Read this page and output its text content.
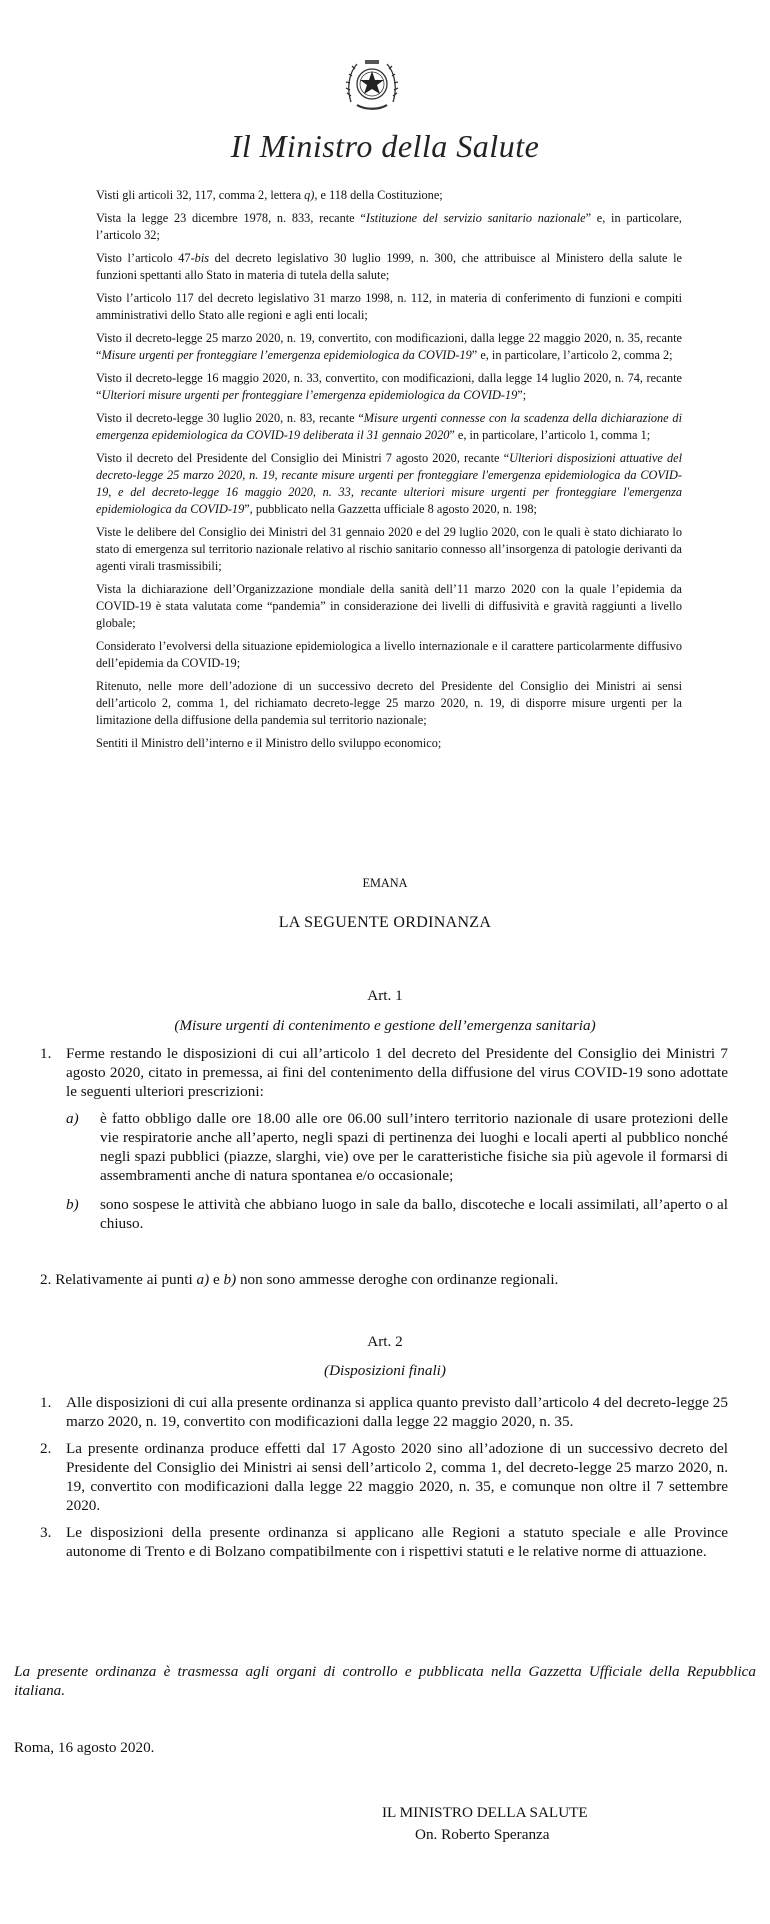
Il Ministro della Salute

Visti gli articoli 32, 117, comma 2, lettera q), e 118 della Costituzione;

Vista la legge 23 dicembre 1978, n. 833, recante “Istituzione del servizio sanitario nazionale” e, in particolare, l’articolo 32;

Visto l’articolo 47-bis del decreto legislativo 30 luglio 1999, n. 300, che attribuisce al Ministero della salute le funzioni spettanti allo Stato in materia di tutela della salute;

Visto l’articolo 117 del decreto legislativo 31 marzo 1998, n. 112, in materia di conferimento di funzioni e compiti amministrativi dello Stato alle regioni e agli enti locali;

Visto il decreto-legge 25 marzo 2020, n. 19, convertito, con modificazioni, dalla legge 22 maggio 2020, n. 35, recante “Misure urgenti per fronteggiare l’emergenza epidemiologica da COVID-19” e, in particolare, l’articolo 2, comma 2;

Visto il decreto-legge 16 maggio 2020, n. 33, convertito, con modificazioni, dalla legge 14 luglio 2020, n. 74, recante “Ulteriori misure urgenti per fronteggiare l’emergenza epidemiologica da COVID-19”;

Visto il decreto-legge 30 luglio 2020, n. 83, recante “Misure urgenti connesse con la scadenza della dichiarazione di emergenza epidemiologica da COVID-19 deliberata il 31 gennaio 2020” e, in particolare, l’articolo 1, comma 1;

Visto il decreto del Presidente del Consiglio dei Ministri 7 agosto 2020, recante “Ulteriori disposizioni attuative del decreto-legge 25 marzo 2020, n. 19, recante misure urgenti per fronteggiare l'emergenza epidemiologica da COVID-19, e del decreto-legge 16 maggio 2020, n. 33, recante ulteriori misure urgenti per fronteggiare l'emergenza epidemiologica da COVID-19”, pubblicato nella Gazzetta ufficiale 8 agosto 2020, n. 198;

Viste le delibere del Consiglio dei Ministri del 31 gennaio 2020 e del 29 luglio 2020, con le quali è stato dichiarato lo stato di emergenza sul territorio nazionale relativo al rischio sanitario connesso all’insorgenza di patologie derivanti da agenti virali trasmissibili;

Vista la dichiarazione dell’Organizzazione mondiale della sanità dell’11 marzo 2020 con la quale l’epidemia da COVID-19 è stata valutata come “pandemia” in considerazione dei livelli di diffusività e gravità raggiunti a livello globale;

Considerato l’evolversi della situazione epidemiologica a livello internazionale e il carattere particolarmente diffusivo dell’epidemia da COVID-19;

Ritenuto, nelle more dell’adozione di un successivo decreto del Presidente del Consiglio dei Ministri ai sensi dell’articolo 2, comma 1, del richiamato decreto-legge 25 marzo 2020, n. 19, di disporre misure urgenti per la limitazione della diffusione della pandemia sul territorio nazionale;

Sentiti il Ministro dell’interno e il Ministro dello sviluppo economico;

EMANA
LA SEGUENTE ORDINANZA
Art. 1
(Misure urgenti di contenimento e gestione dell’emergenza sanitaria)
1. Ferme restando le disposizioni di cui all’articolo 1 del decreto del Presidente del Consiglio dei Ministri 7 agosto 2020, citato in premessa, ai fini del contenimento della diffusione del virus COVID-19 sono adottate le seguenti ulteriori prescrizioni:
a) è fatto obbligo dalle ore 18.00 alle ore 06.00 sull’intero territorio nazionale di usare protezioni delle vie respiratorie anche all’aperto, negli spazi di pertinenza dei luoghi e locali aperti al pubblico nonché negli spazi pubblici (piazze, slarghi, vie) ove per le caratteristiche fisiche sia più agevole il formarsi di assembramenti anche di natura spontanea e/o occasionale;
b) sono sospese le attività che abbiano luogo in sale da ballo, discoteche e locali assimilati, all’aperto o al chiuso.
2. Relativamente ai punti a) e b) non sono ammesse deroghe con ordinanze regionali.
Art. 2
(Disposizioni finali)
1. Alle disposizioni di cui alla presente ordinanza si applica quanto previsto dall’articolo 4 del decreto-legge 25 marzo 2020, n. 19, convertito con modificazioni dalla legge 22 maggio 2020, n. 35.
2. La presente ordinanza produce effetti dal 17 Agosto 2020 sino all’adozione di un successivo decreto del Presidente del Consiglio dei Ministri ai sensi dell’articolo 2, comma 1, del decreto-legge 25 marzo 2020, n. 19, convertito con modificazioni dalla legge 22 maggio 2020, n. 35, e comunque non oltre il 7 settembre 2020.
3. Le disposizioni della presente ordinanza si applicano alle Regioni a statuto speciale e alle Province autonome di Trento e di Bolzano compatibilmente con i rispettivi statuti e le relative norme di attuazione.
La presente ordinanza è trasmessa agli organi di controllo e pubblicata nella Gazzetta Ufficiale della Repubblica italiana.
Roma, 16 agosto 2020.
IL MINISTRO DELLA SALUTE
On. Roberto Speranza
